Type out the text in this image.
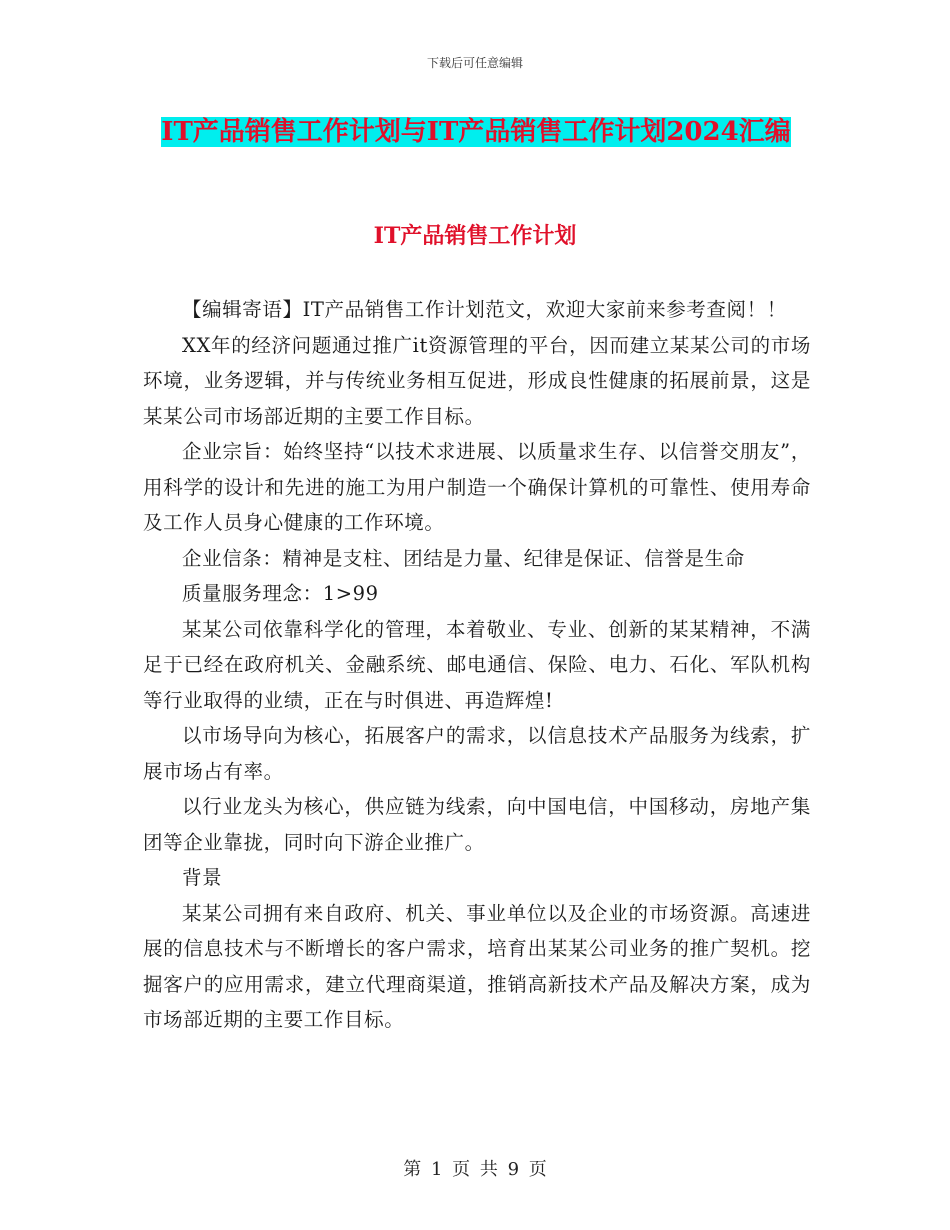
下载后可任意编辑
IT产品销售工作计划与IT产品销售工作计划2024汇编
IT产品销售工作计划

【编辑寄语】IT产品销售工作计划范文，欢迎大家前来参考查阅！！

XX年的经济问题通过推广it资源管理的平台，因而建立某某公司的市场环境，业务逻辑，并与传统业务相互促进，形成良性健康的拓展前景，这是某某公司市场部近期的主要工作目标。

企业宗旨：始终坚持“以技术求进展、以质量求生存、以信誉交朋友”，用科学的设计和先进的施工为用户制造一个确保计算机的可靠性、使用寿命及工作人员身心健康的工作环境。

企业信条：精神是支柱、团结是力量、纪律是保证、信誉是生命

质量服务理念：1>99

某某公司依靠科学化的管理，本着敬业、专业、创新的某某精神，不满足于已经在政府机关、金融系统、邮电通信、保险、电力、石化、军队机构等行业取得的业绩，正在与时俱进、再造辉煌!

以市场导向为核心，拓展客户的需求，以信息技术产品服务为线索，扩展市场占有率。

以行业龙头为核心，供应链为线索，向中国电信，中国移动，房地产集团等企业靠拢，同时向下游企业推广。

背景

某某公司拥有来自政府、机关、事业单位以及企业的市场资源。高速进展的信息技术与不断增长的客户需求，培育出某某公司业务的推广契机。挖掘客户的应用需求，建立代理商渠道，推销高新技术产品及解决方案，成为市场部近期的主要工作目标。

第 1 页 共 9 页
